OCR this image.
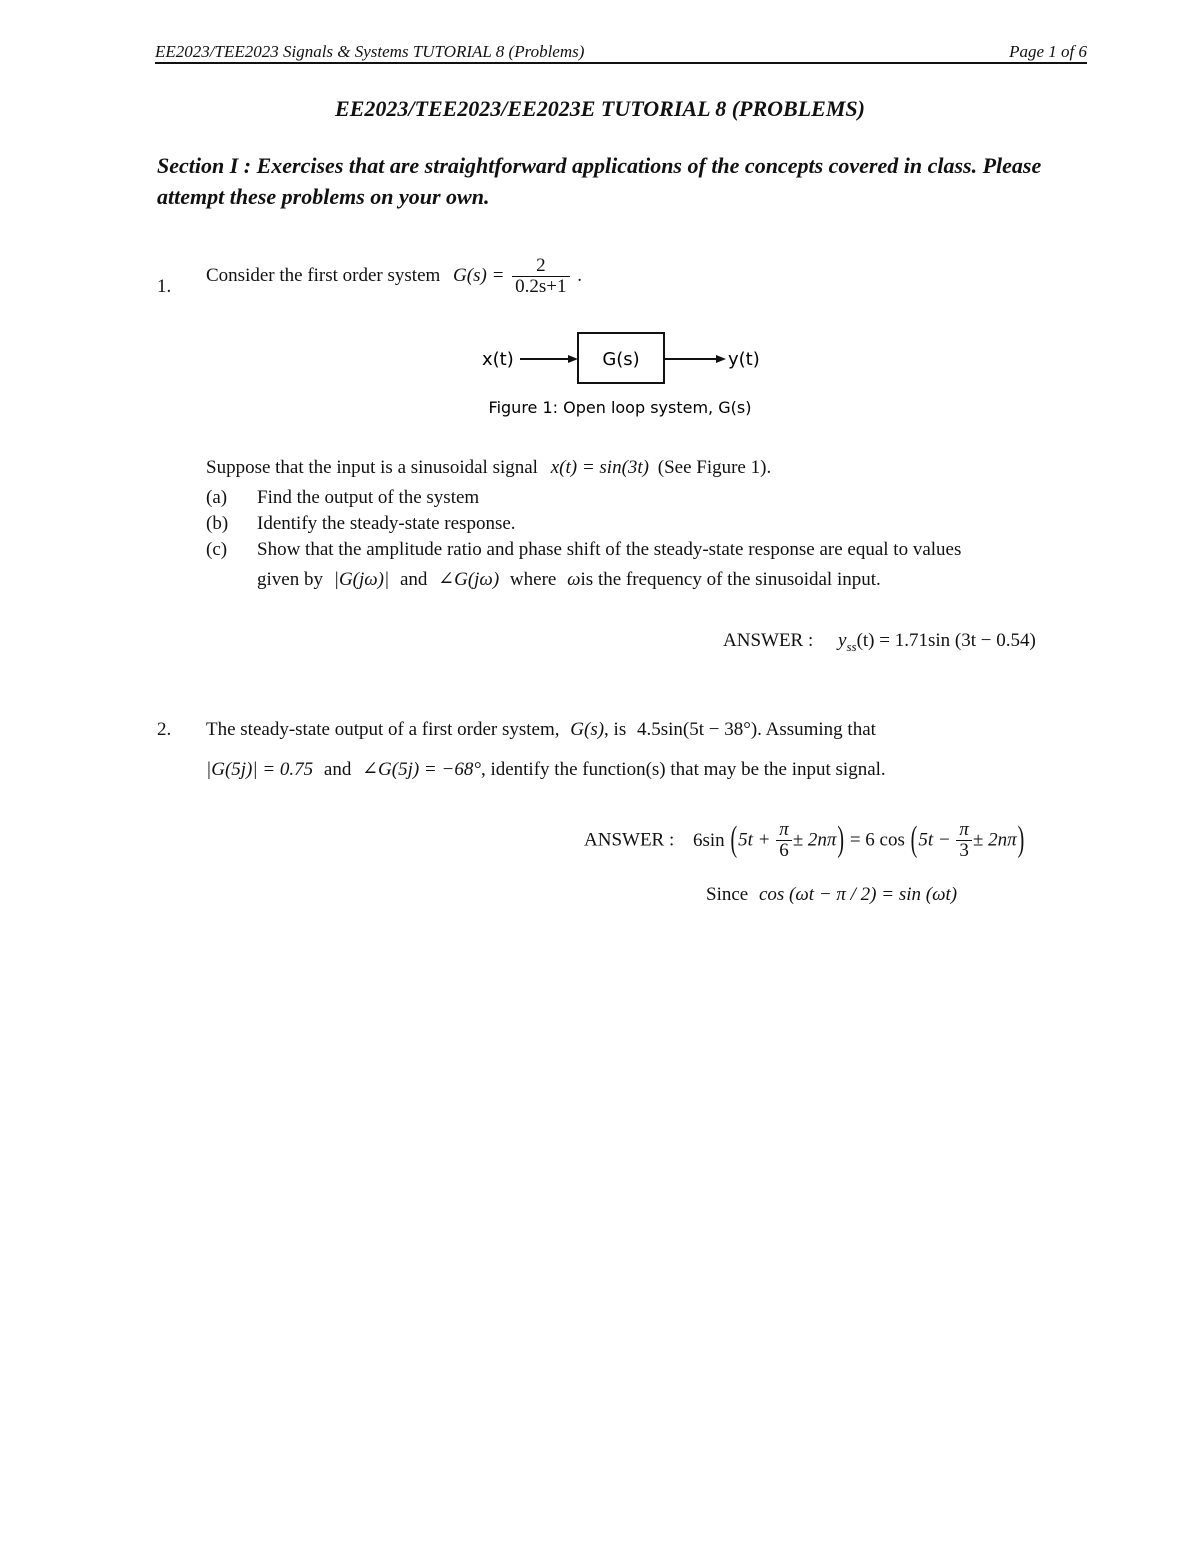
EE2023/TEE2023 Signals & Systems TUTORIAL 8 (Problems)	Page 1 of 6
EE2023/TEE2023/EE2023E TUTORIAL 8 (PROBLEMS)
Section I : Exercises that are straightforward applications of the concepts covered in class. Please attempt these problems on your own.
1.
Consider the first order system $G(s) = \frac{2}{0.2s+1}$ .
x(t)	G(s)	y(t)
Figure 1: Open loop system, G(s)
Suppose that the input is a sinusoidal signal x(t) = sin(3t) (See Figure 1).
(a) Find the output of the system
(b) Identify the steady-state response.
(c) Show that the amplitude ratio and phase shift of the steady-state response are equal to values
given by |G(jω)| and ∠G(jω) where ωis the frequency of the sinusoidal input.
ANSWER : $y_{ss}(t) = 1.71\sin$ (3t − 0.54)
2. The steady-state output of a first order system, G(s), is 4.5sin(5t − 38°). Assuming that
|G(5j)| = 0.75 and ∠G(5j) = −68°, identify the function(s) that may be the input signal.
ANSWER : 6sin $(5t + \frac{\pi}{6} \pm 2n\pi) = 6$ $\cos (5t - \frac{\pi}{3} \pm 2n\pi)$
Since cos (ωt − π / 2) = sin (ωt)
